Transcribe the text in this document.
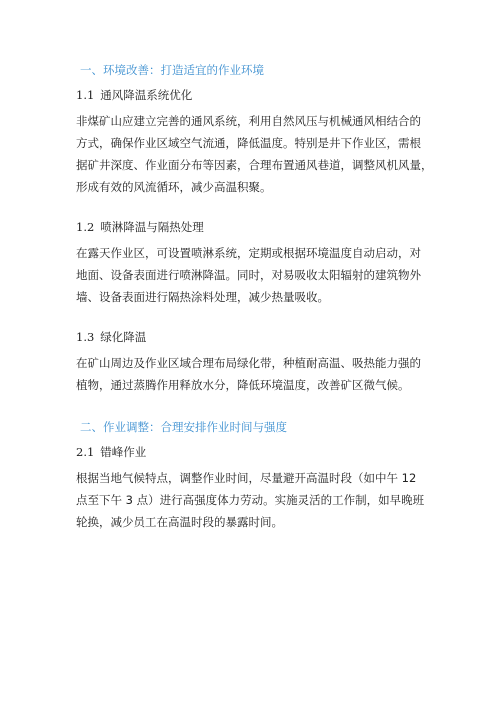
一、环境改善：打造适宜的作业环境
1.1 通风降温系统优化

非煤矿山应建立完善的通风系统，利用自然风压与机械通风相结合的
方式，确保作业区域空气流通，降低温度。特别是井下作业区，需根
据矿井深度、作业面分布等因素，合理布置通风巷道，调整风机风量，
形成有效的风流循环，减少高温积聚。

1.2 喷淋降温与隔热处理

在露天作业区，可设置喷淋系统，定期或根据环境温度自动启动，对
地面、设备表面进行喷淋降温。同时，对易吸收太阳辐射的建筑物外
墙、设备表面进行隔热涂料处理，减少热量吸收。

1.3 绿化降温

在矿山周边及作业区域合理布局绿化带，种植耐高温、吸热能力强的
植物，通过蒸腾作用释放水分，降低环境温度，改善矿区微气候。

二、作业调整：合理安排作业时间与强度
2.1 错峰作业

根据当地气候特点，调整作业时间，尽量避开高温时段（如中午 12
点至下午 3 点）进行高强度体力劳动。实施灵活的工作制，如早晚班
轮换，减少员工在高温时段的暴露时间。
